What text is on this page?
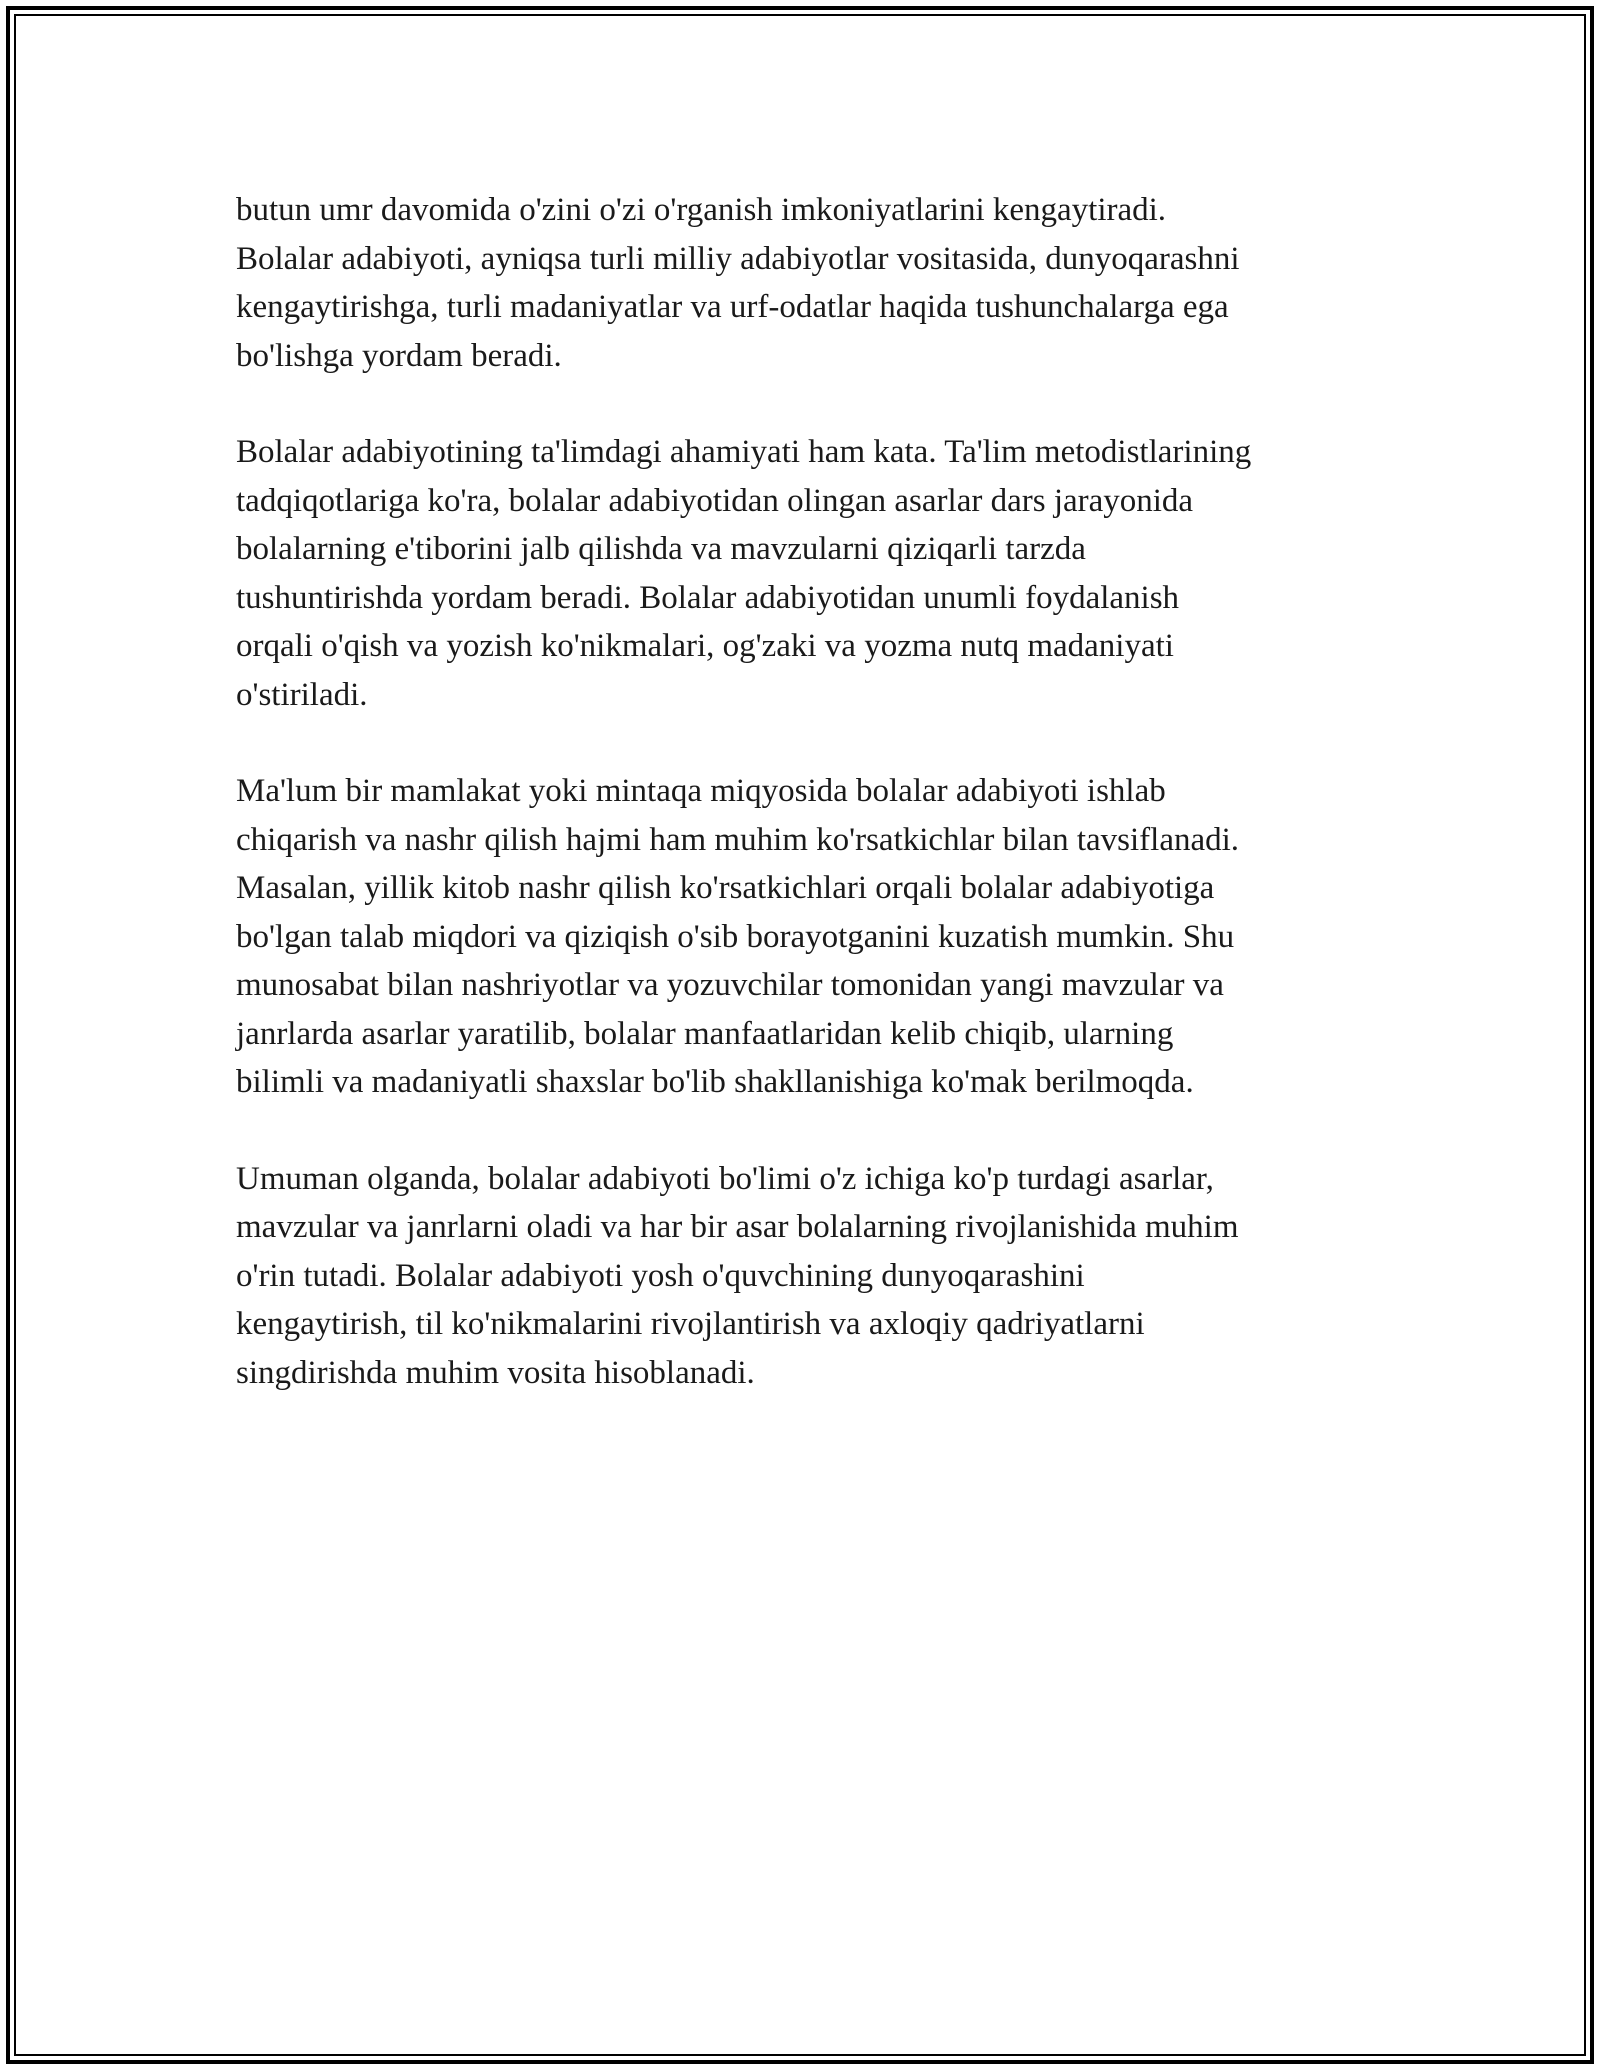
butun umr davomida o'zini o'zi o'rganish imkoniyatlarini kengaytiradi.
Bolalar adabiyoti, ayniqsa turli milliy adabiyotlar vositasida, dunyoqarashni
kengaytirishga, turli madaniyatlar va urf-odatlar haqida tushunchalarga ega
bo'lishga yordam beradi.

Bolalar adabiyotining ta'limdagi ahamiyati ham kata. Ta'lim metodistlarining
tadqiqotlariga ko'ra, bolalar adabiyotidan olingan asarlar dars jarayonida
bolalarning e'tiborini jalb qilishda va mavzularni qiziqarli tarzda
tushuntirishda yordam beradi. Bolalar adabiyotidan unumli foydalanish
orqali o'qish va yozish ko'nikmalari, og'zaki va yozma nutq madaniyati
o'stiriladi.

Ma'lum bir mamlakat yoki mintaqa miqyosida bolalar adabiyoti ishlab
chiqarish va nashr qilish hajmi ham muhim ko'rsatkichlar bilan tavsiflanadi.
Masalan, yillik kitob nashr qilish ko'rsatkichlari orqali bolalar adabiyotiga
bo'lgan talab miqdori va qiziqish o'sib borayotganini kuzatish mumkin. Shu
munosabat bilan nashriyotlar va yozuvchilar tomonidan yangi mavzular va
janrlarda asarlar yaratilib, bolalar manfaatlaridan kelib chiqib, ularning
bilimli va madaniyatli shaxslar bo'lib shakllanishiga ko'mak berilmoqda.

Umuman olganda, bolalar adabiyoti bo'limi o'z ichiga ko'p turdagi asarlar,
mavzular va janrlarni oladi va har bir asar bolalarning rivojlanishida muhim
o'rin tutadi. Bolalar adabiyoti yosh o'quvchining dunyoqarashini
kengaytirish, til ko'nikmalarini rivojlantirish va axloqiy qadriyatlarni
singdirishda muhim vosita hisoblanadi.
